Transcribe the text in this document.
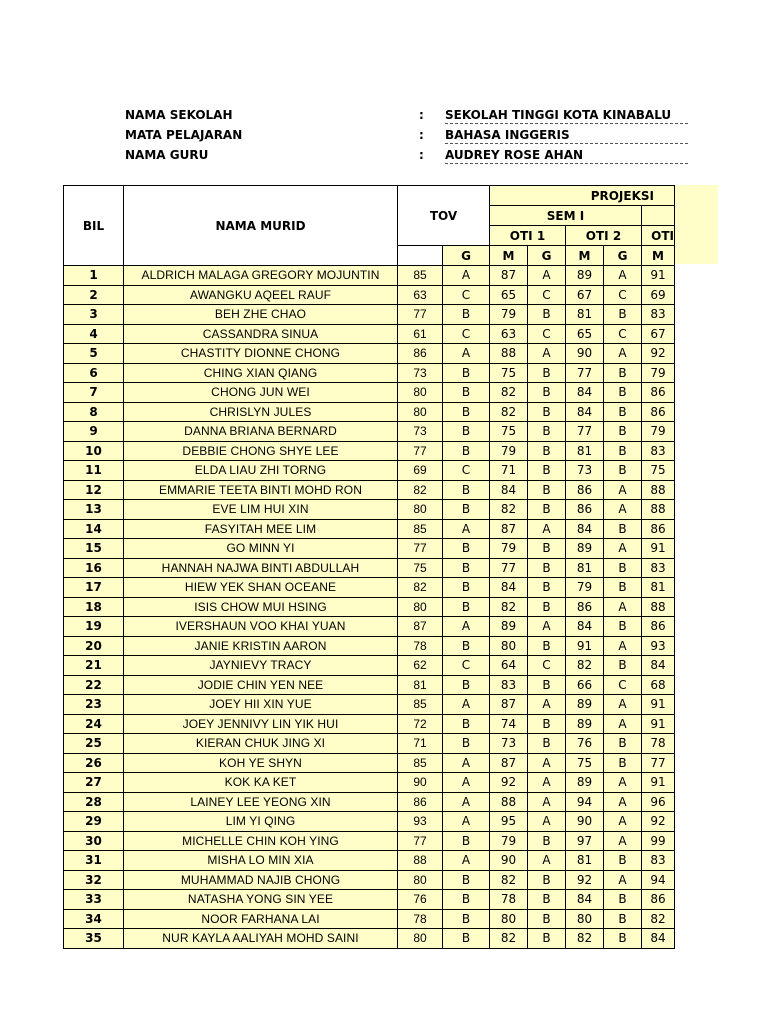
NAMA SEKOLAH	: SEKOLAH TINGGI KOTA KINABALU
MATA PELAJARAN	: BAHASA INGGERIS
NAMA GURU	: AUDREY ROSE AHAN
BIL	NAMA MURID	TOV		PROJEKSI				
				SEM I				
				OTI 1		OTI 2		OTI
			G	M	G	M	G	M
1	ALDRICH MALAGA GREGORY MOJUNTIN	85	A	87	A	89	A	91
2	AWANGKU AQEEL RAUF	63	C	65	C	67	C	69
3	BEH ZHE CHAO	77	B	79	B	81	B	83
4	CASSANDRA SINUA	61	C	63	C	65	C	67
5	CHASTITY DIONNE CHONG	86	A	88	A	90	A	92
6	CHING XIAN QIANG	73	B	75	B	77	B	79
7	CHONG JUN WEI	80	B	82	B	84	B	86
8	CHRISLYN JULES	80	B	82	B	84	B	86
9	DANNA BRIANA BERNARD	73	B	75	B	77	B	79
10	DEBBIE CHONG SHYE LEE	77	B	79	B	81	B	83
11	ELDA LIAU ZHI TORNG	69	C	71	B	73	B	75
12	EMMARIE TEETA BINTI MOHD RON	82	B	84	B	86	A	88
13	EVE LIM HUI XIN	80	B	82	B	86	A	88
14	FASYITAH MEE LIM	85	A	87	A	84	B	86
15	GO MINN YI	77	B	79	B	89	A	91
16	HANNAH NAJWA BINTI ABDULLAH	75	B	77	B	81	B	83
17	HIEW YEK SHAN OCEANE	82	B	84	B	79	B	81
18	ISIS CHOW MUI HSING	80	B	82	B	86	A	88
19	IVERSHAUN VOO KHAI YUAN	87	A	89	A	84	B	86
20	JANIE KRISTIN AARON	78	B	80	B	91	A	93
21	JAYNIEVY TRACY	62	C	64	C	82	B	84
22	JODIE CHIN YEN NEE	81	B	83	B	66	C	68
23	JOEY HII XIN YUE	85	A	87	A	89	A	91
24	JOEY JENNIVY LIN YIK HUI	72	B	74	B	89	A	91
25	KIERAN CHUK JING XI	71	B	73	B	76	B	78
26	KOH YE SHYN	85	A	87	A	75	B	77
27	KOK KA KET	90	A	92	A	89	A	91
28	LAINEY LEE YEONG XIN	86	A	88	A	94	A	96
29	LIM YI QING	93	A	95	A	90	A	92
30	MICHELLE CHIN KOH YING	77	B	79	B	97	A	99
31	MISHA LO MIN XIA	88	A	90	A	81	B	83
32	MUHAMMAD NAJIB CHONG	80	B	82	B	92	A	94
33	NATASHA YONG SIN YEE	76	B	78	B	84	B	86
34	NOOR FARHANA LAI	78	B	80	B	80	B	82
35	NUR KAYLA AALIYAH MOHD SAINI	80	B	82	B	82	B	84
